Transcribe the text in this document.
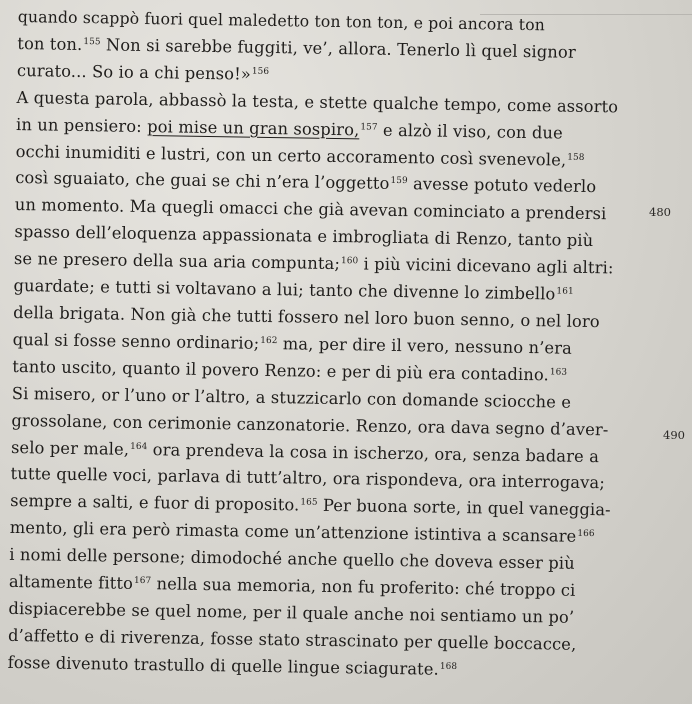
quando scappò fuori quel maledetto ton ton ton, e poi ancora ton
ton ton.$^{155}$ Non si sarebbe fuggiti, ve’, allora. Tenerlo lì quel signor
curato... So io a chi penso!»$^{156}$
A questa parola, abbassò la testa, e stette qualche tempo, come assorto
in un pensiero: poi mise un gran sospiro,$^{157}$ e alzò il viso, con due
occhi inumiditi e lustri, con un certo accoramento così svenevole,$^{158}$
così sguaiato, che guai se chi n’era l’oggetto$^{159}$ avesse potuto vederlo
un momento. Ma quegli omacci che già avevan cominciato a prendersi
spasso dell’eloquenza appassionata e imbrogliata di Renzo, tanto più
se ne presero della sua aria compunta;$^{160}$ i più vicini dicevano agli altri:
guardate; e tutti si voltavano a lui; tanto che divenne lo zimbello$^{161}$
della brigata. Non già che tutti fossero nel loro buon senno, o nel loro
qual si fosse senno ordinario;$^{162}$ ma, per dire il vero, nessuno n’era
tanto uscito, quanto il povero Renzo: e per di più era contadino.$^{163}$
Si misero, or l’uno or l’altro, a stuzzicarlo con domande sciocche e
grossolane, con cerimonie canzonatorie. Renzo, ora dava segno d’aver-
selo per male,$^{164}$ ora prendeva la cosa in ischerzo, ora, senza badare a
tutte quelle voci, parlava di tutt’altro, ora rispondeva, ora interrogava;
sempre a salti, e fuor di proposito.$^{165}$ Per buona sorte, in quel vaneggia-
mento, gli era però rimasta come un’attenzione istintiva a scansare$^{166}$
i nomi delle persone; dimodoché anche quello che doveva esser più
altamente fitto$^{167}$ nella sua memoria, non fu proferito: ché troppo ci
dispiacerebbe se quel nome, per il quale anche noi sentiamo un po’
d’affetto e di riverenza, fosse stato strascinato per quelle boccacce,
fosse divenuto trastullo di quelle lingue sciagurate.$^{168}$
480
490
